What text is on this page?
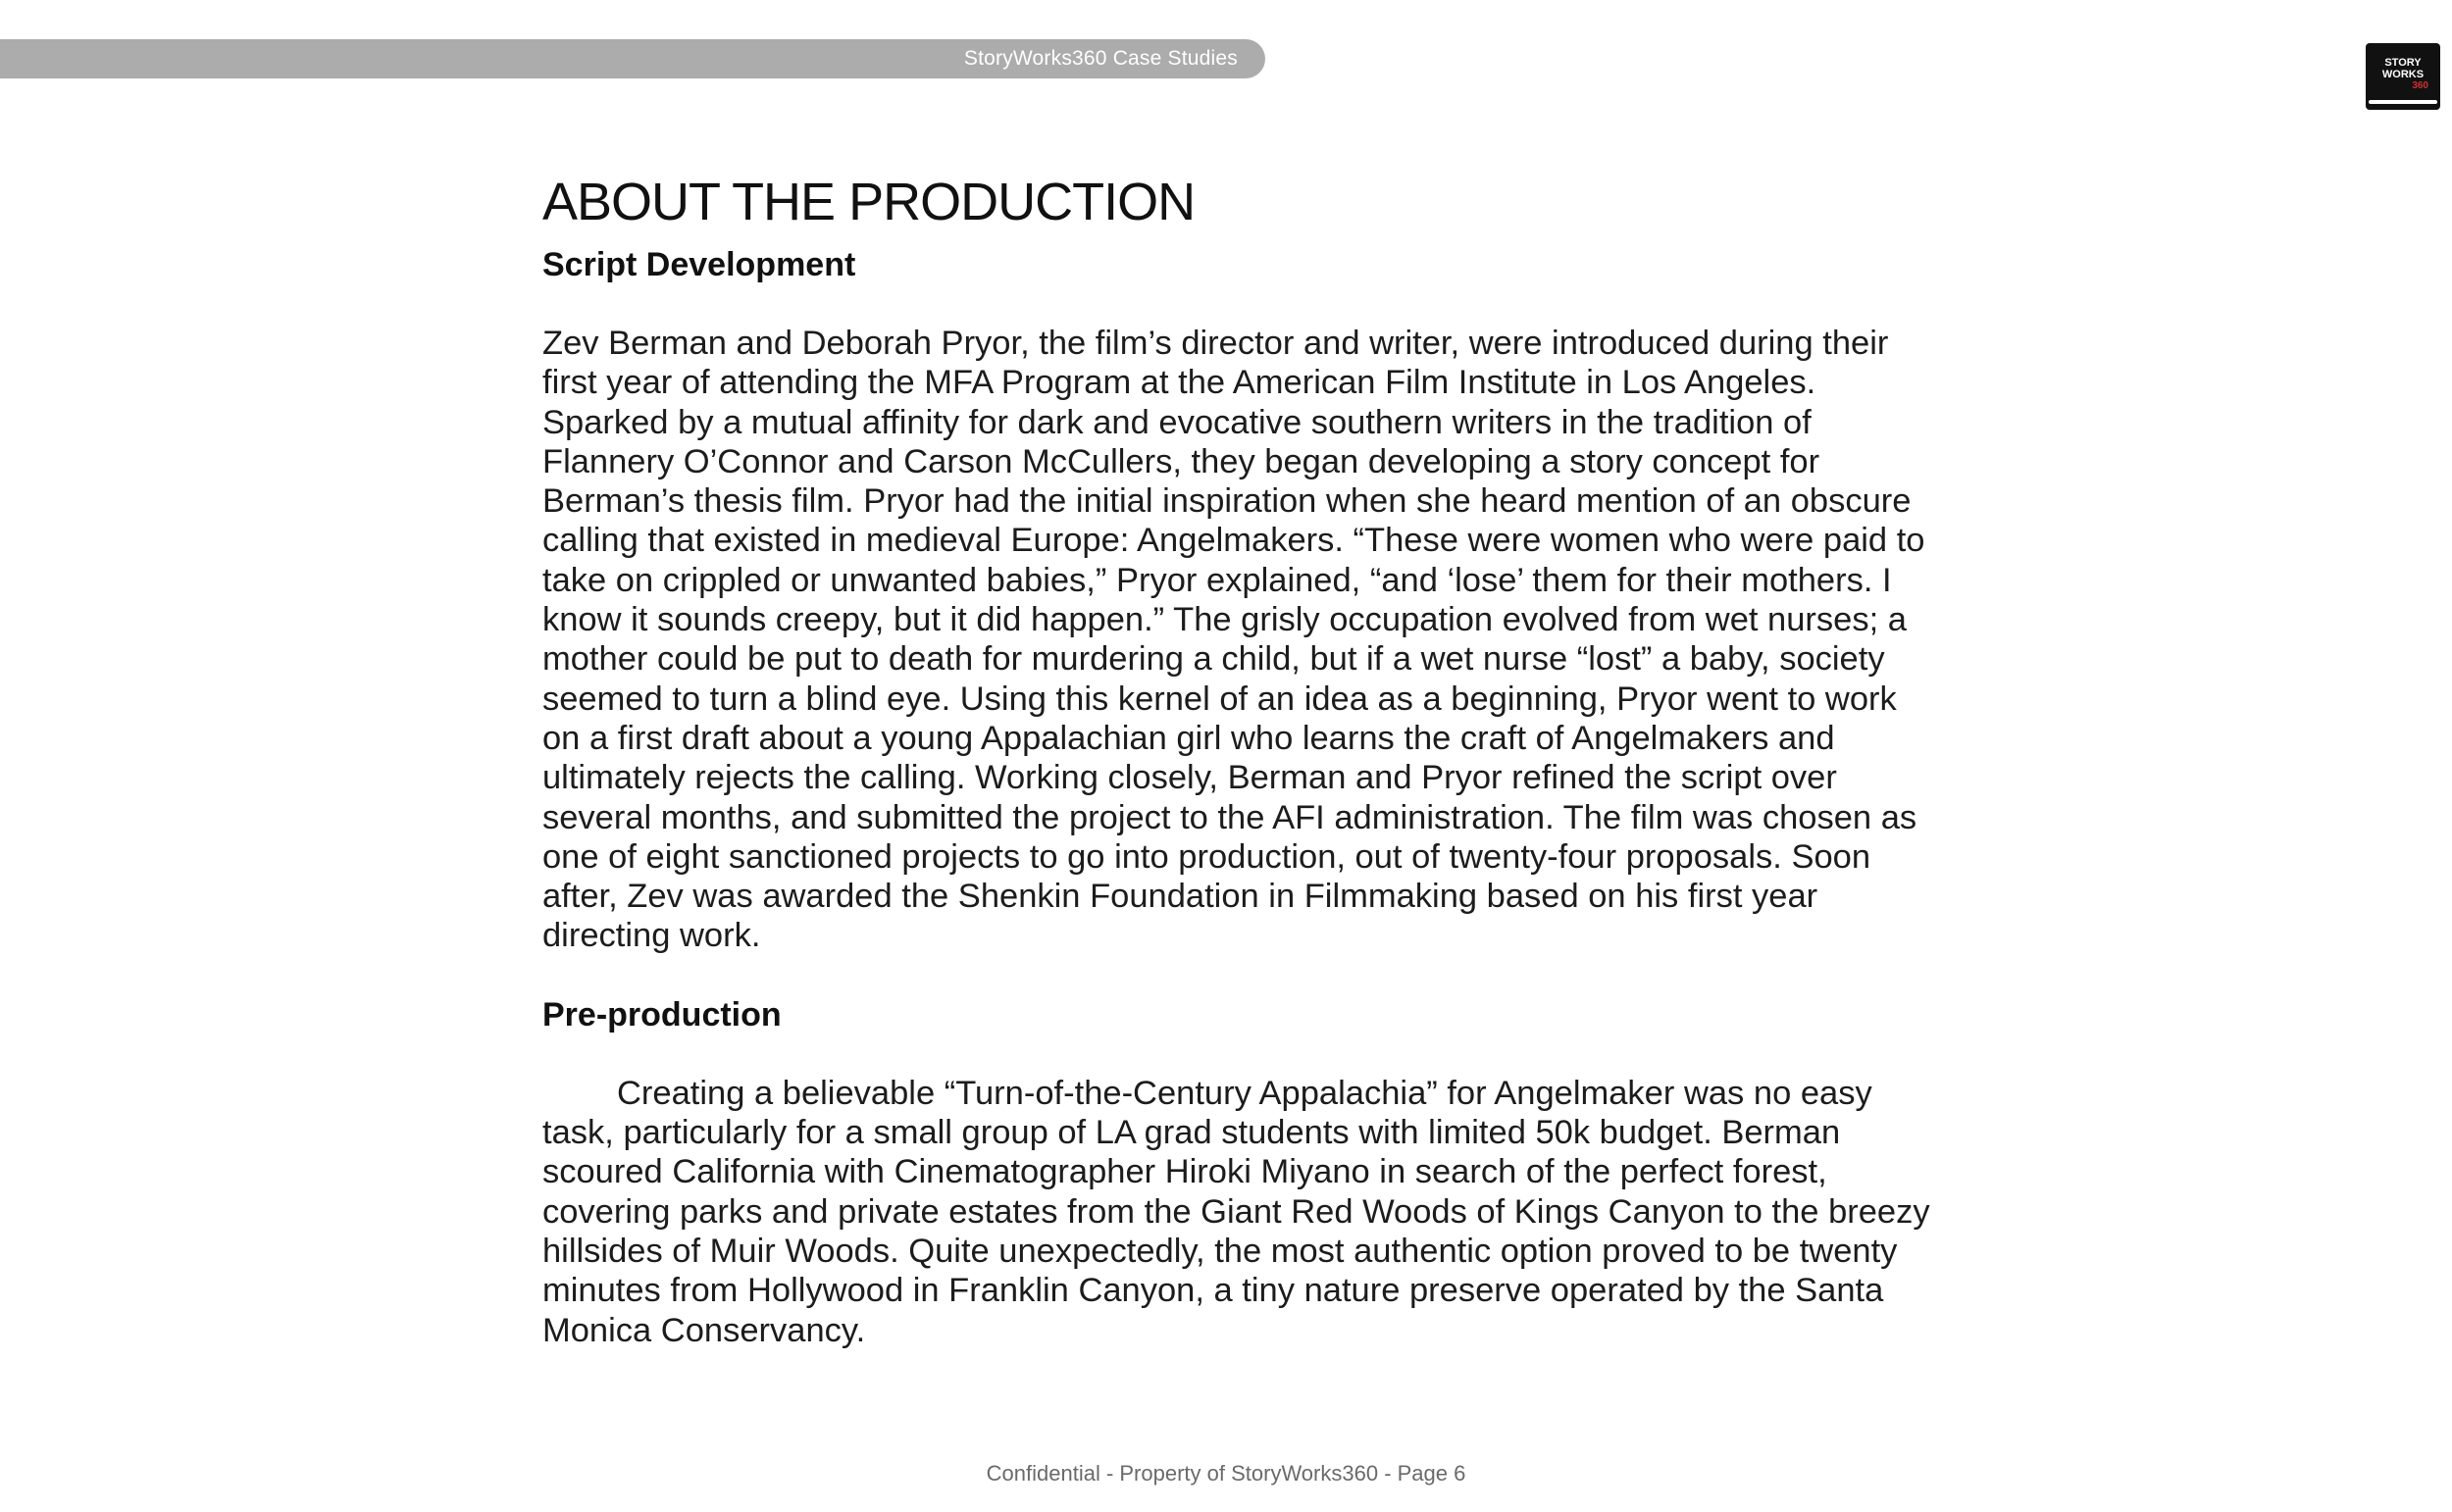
StoryWorks360 Case Studies	STORY
WORKS
360
ABOUT THE PRODUCTION
Script Development

Zev Berman and Deborah Pryor, the film’s director and writer, were introduced during their first year of attending the MFA Program at the American Film Institute in Los Angeles. Sparked by a mutual affinity for dark and evocative southern writers in the tradition of Flannery O’Connor and Carson McCullers, they began developing a story concept for Berman’s thesis film. Pryor had the initial inspiration when she heard mention of an obscure calling that existed in medieval Europe: Angelmakers. “These were women who were paid to take on crippled or unwanted babies,” Pryor explained, “and ‘lose’ them for their mothers. I know it sounds creepy, but it did happen.” The grisly occupation evolved from wet nurses; a mother could be put to death for murdering a child, but if a wet nurse “lost” a baby, society seemed to turn a blind eye. Using this kernel of an idea as a beginning, Pryor went to work on a first draft about a young Appalachian girl who learns the craft of Angelmakers and ultimately rejects the calling. Working closely, Berman and Pryor refined the script over several months, and submitted the project to the AFI administration. The film was chosen as one of eight sanctioned projects to go into production, out of twenty-four proposals. Soon after, Zev was awarded the Shenkin Foundation in Filmmaking based on his first year directing work.

Pre-production

Creating a believable “Turn-of-the-Century Appalachia” for Angelmaker was no easy task, particularly for a small group of LA grad students with limited 50k budget. Berman scoured California with Cinematographer Hiroki Miyano in search of the perfect forest, covering parks and private estates from the Giant Red Woods of Kings Canyon to the breezy hillsides of Muir Woods. Quite unexpectedly, the most authentic option proved to be twenty minutes from Hollywood in Franklin Canyon, a tiny nature preserve operated by the Santa Monica Conservancy.

Confidential - Property of StoryWorks360 - Page 6
